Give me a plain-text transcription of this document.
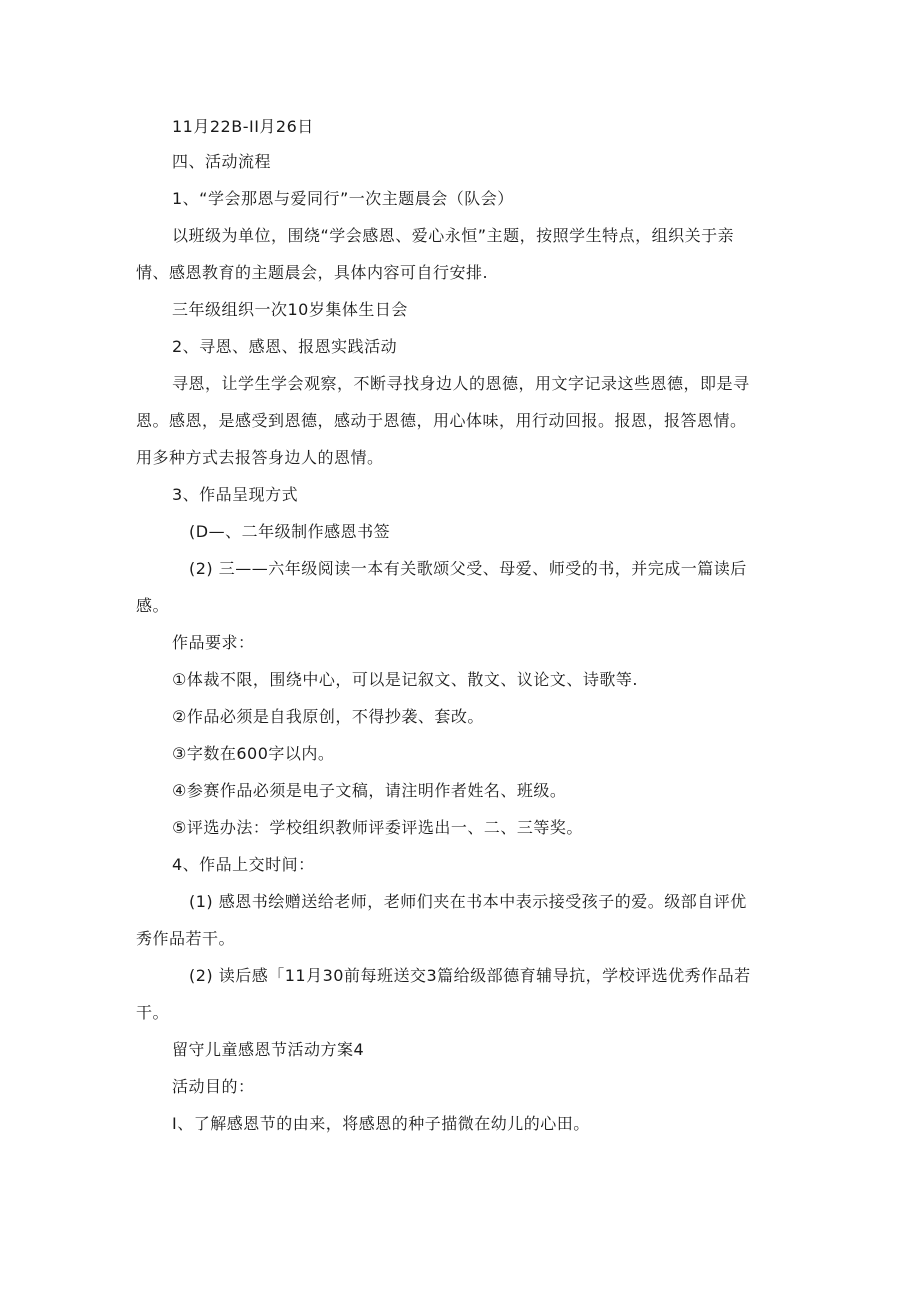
11月22B-II月26日
四、活动流程
1、“学会那恩与爱同行”一次主题晨会（队会）
以班级为单位，围绕“学会感恩、爱心永恒”主题，按照学生特点，组织关于亲
情、感恩教育的主题晨会，具体内容可自行安排.
三年级组织一次10岁集体生日会
2、寻恩、感恩、报恩实践活动
寻恩，让学生学会观察，不断寻找身边人的恩德，用文字记录这些恩德，即是寻
恩。感恩，是感受到恩德，感动于恩德，用心体味，用行动回报。报恩，报答恩情。
用多种方式去报答身边人的恩情。
3、作品呈现方式
(D—、二年级制作感恩书签
(2) 三——六年级阅读一本有关歌颂父受、母爱、师受的书，并完成一篇读后
感。
作品要求：
①体裁不限，围绕中心，可以是记叙文、散文、议论文、诗歌等.
②作品必须是自我原创，不得抄袭、套改。
③字数在600字以内。
④参赛作品必须是电子文稿，请注明作者姓名、班级。
⑤评选办法：学校组织教师评委评选出一、二、三等奖。
4、作品上交时间：
(1) 感恩书绘赠送给老师，老师们夹在书本中表示接受孩子的爱。级部自评优
秀作品若干。
(2) 读后感「11月30前每班送交3篇给级部德育辅导抗，学校评选优秀作品若
干。
留守儿童感恩节活动方案4
活动目的：
I、了解感恩节的由来，将感恩的种子描微在幼儿的心田。
